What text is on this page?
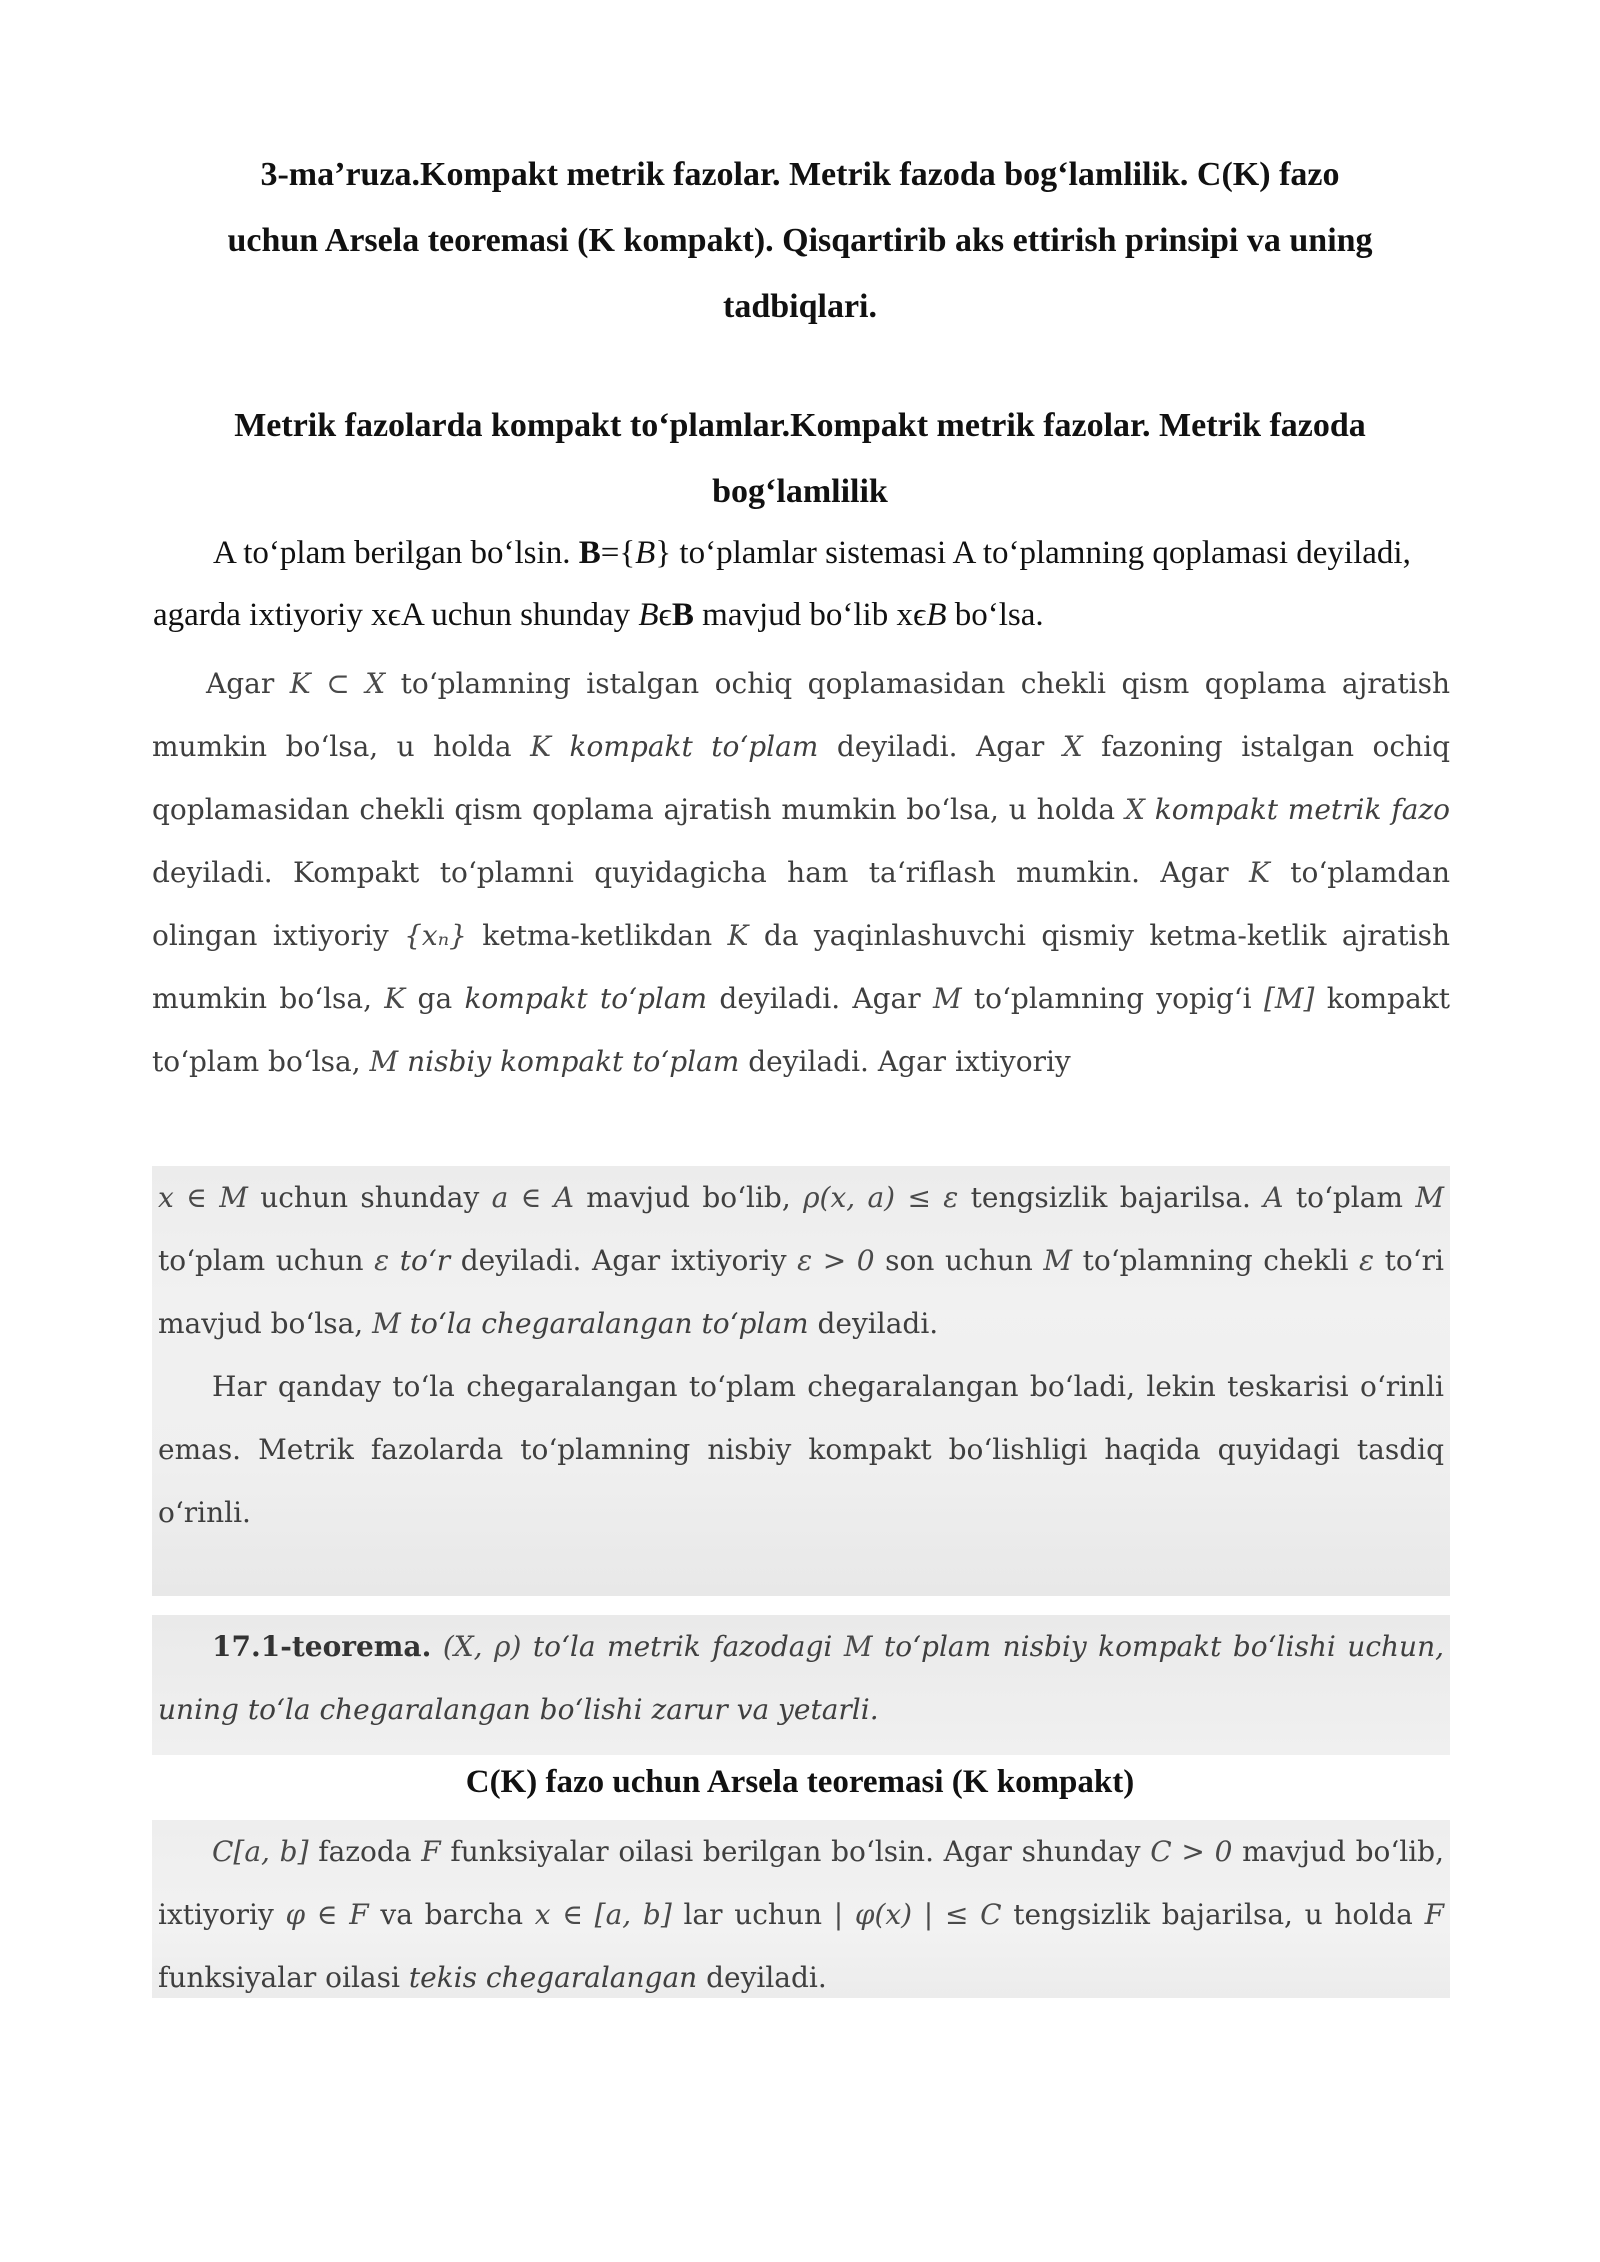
3-ma’ruza.Kompakt metrik fazolar. Metrik fazoda bog‘lamlilik. C(K) fazo
uchun Arsela teoremasi (K kompakt). Qisqartirib aks ettirish prinsipi va uning
tadbiqlari.
Metrik fazolarda kompakt to‘plamlar.Kompakt metrik fazolar. Metrik fazoda
bog‘lamlilik

A to‘plam berilgan bo‘lsin. B={B} to‘plamlar sistemasi A to‘plamning qoplamasi deyiladi, agarda ixtiyoriy xϵA uchun shunday BϵB mavjud bo‘lib xϵB bo‘lsa.

Agar K ⊂ X toʻplamning istalgan ochiq qoplamasidan chekli qism qoplama ajratish mumkin boʻlsa, u holda K kompakt toʻplam deyiladi. Agar X fazoning istalgan ochiq qoplamasidan chekli qism qoplama ajratish mumkin boʻlsa, u holda X kompakt metrik fazo deyiladi. Kompakt toʻplamni quyidagicha ham taʻriflash mumkin. Agar K toʻplamdan olingan ixtiyoriy {xₙ} ketma-ketlikdan K da yaqinlashuvchi qismiy ketma-ketlik ajratish mumkin boʻlsa, K ga kompakt toʻplam deyiladi. Agar M toʻplamning yopigʻi [M] kompakt toʻplam boʻlsa, M nisbiy kompakt toʻplam deyiladi. Agar ixtiyoriy

x ∈ M uchun shunday a ∈ A mavjud boʻlib, ρ(x, a) ≤ ε tengsizlik bajarilsa. A toʻplam M toʻplam uchun ε toʻr deyiladi. Agar ixtiyoriy ε > 0 son uchun M toʻplamning chekli ε toʻri mavjud boʻlsa, M toʻla chegaralangan toʻplam deyiladi.
Har qanday toʻla chegaralangan toʻplam chegaralangan boʻladi, lekin teskarisi oʻrinli emas. Metrik fazolarda toʻplamning nisbiy kompakt boʻlishligi haqida quyidagi tasdiq oʻrinli.

17.1-teorema. (X, ρ) toʻla metrik fazodagi M toʻplam nisbiy kompakt boʻlishi uchun, uning toʻla chegaralangan boʻlishi zarur va yetarli.

C(K) fazo uchun Arsela teoremasi (K kompakt)

C[a, b] fazoda F funksiyalar oilasi berilgan boʻlsin. Agar shunday C > 0 mavjud boʻlib, ixtiyoriy φ ∈ F va barcha x ∈ [a, b] lar uchun | φ(x) | ≤ C tengsizlik bajarilsa, u holda F funksiyalar oilasi tekis chegaralangan deyiladi.
